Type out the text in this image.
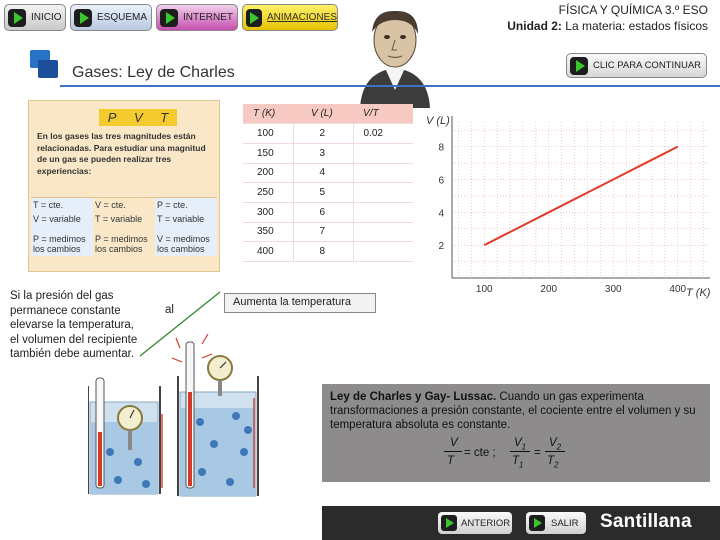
INICIO	ESQUEMA	INTERNET	ANIMACIONES
FÍSICA Y QUÍMICA 3.º ESO
Unidad 2: La materia: estados físicos
CLIC PARA CONTINUAR
Gases: Ley de Charles
P V T
En los gases las tres magnitudes están relacionadas. Para estudiar una magnitud de un gas se pueden realizar tres experiencias:
T = cte.	V = cte.	P = cte.
V = variable	T = variable	T = variable
P = medimos los cambios	P = medimos los cambios	V = medimos los cambios
T (K)	V (L)	V/T
100	2	0.02
150	3	
200	4	
250	5	
300	6	
350	7	
400	8	
100	200	300	400
2
4
6
8
V (L)
T (K)
Si la presión del gas permanece constante elevarse la temperatura, el volumen del recipiente también debe aumentar.
al
Aumenta la temperatura
Ley de Charles y Gay- Lussac. Cuando un gas experimenta transformaciones a presión constante, el cociente entre el volumen y su temperatura absoluta es constante.
V
T
= cte ;
$V_1$
$T_1$
=
$V_2$
$T_2$
ANTERIOR	SALIR Santillana
